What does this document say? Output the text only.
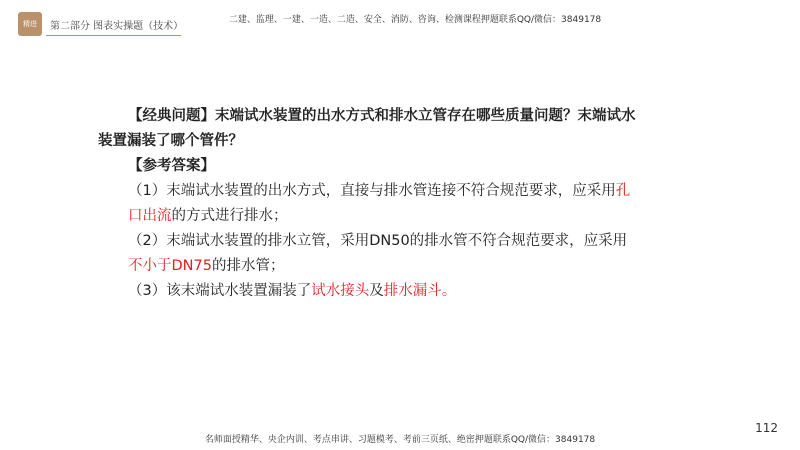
精进	第二部分 图表实操题（技术）
二建、监理、一建、一造、二造、安全、消防、咨询、检测课程押题联系QQ/微信：3849178

【经典问题】末端试水装置的出水方式和排水立管存在哪些质量问题？末端试水装置漏装了哪个管件？

【参考答案】

（1）末端试水装置的出水方式，直接与排水管连接不符合规范要求，应采用孔口出流的方式进行排水；

（2）末端试水装置的排水立管，采用DN50的排水管不符合规范要求，应采用不小于DN75的排水管；

（3）该末端试水装置漏装了试水接头及排水漏斗。

112
名师面授精华、央企内训、考点串讲、习题模考、考前三页纸、绝密押题联系QQ/微信：3849178
